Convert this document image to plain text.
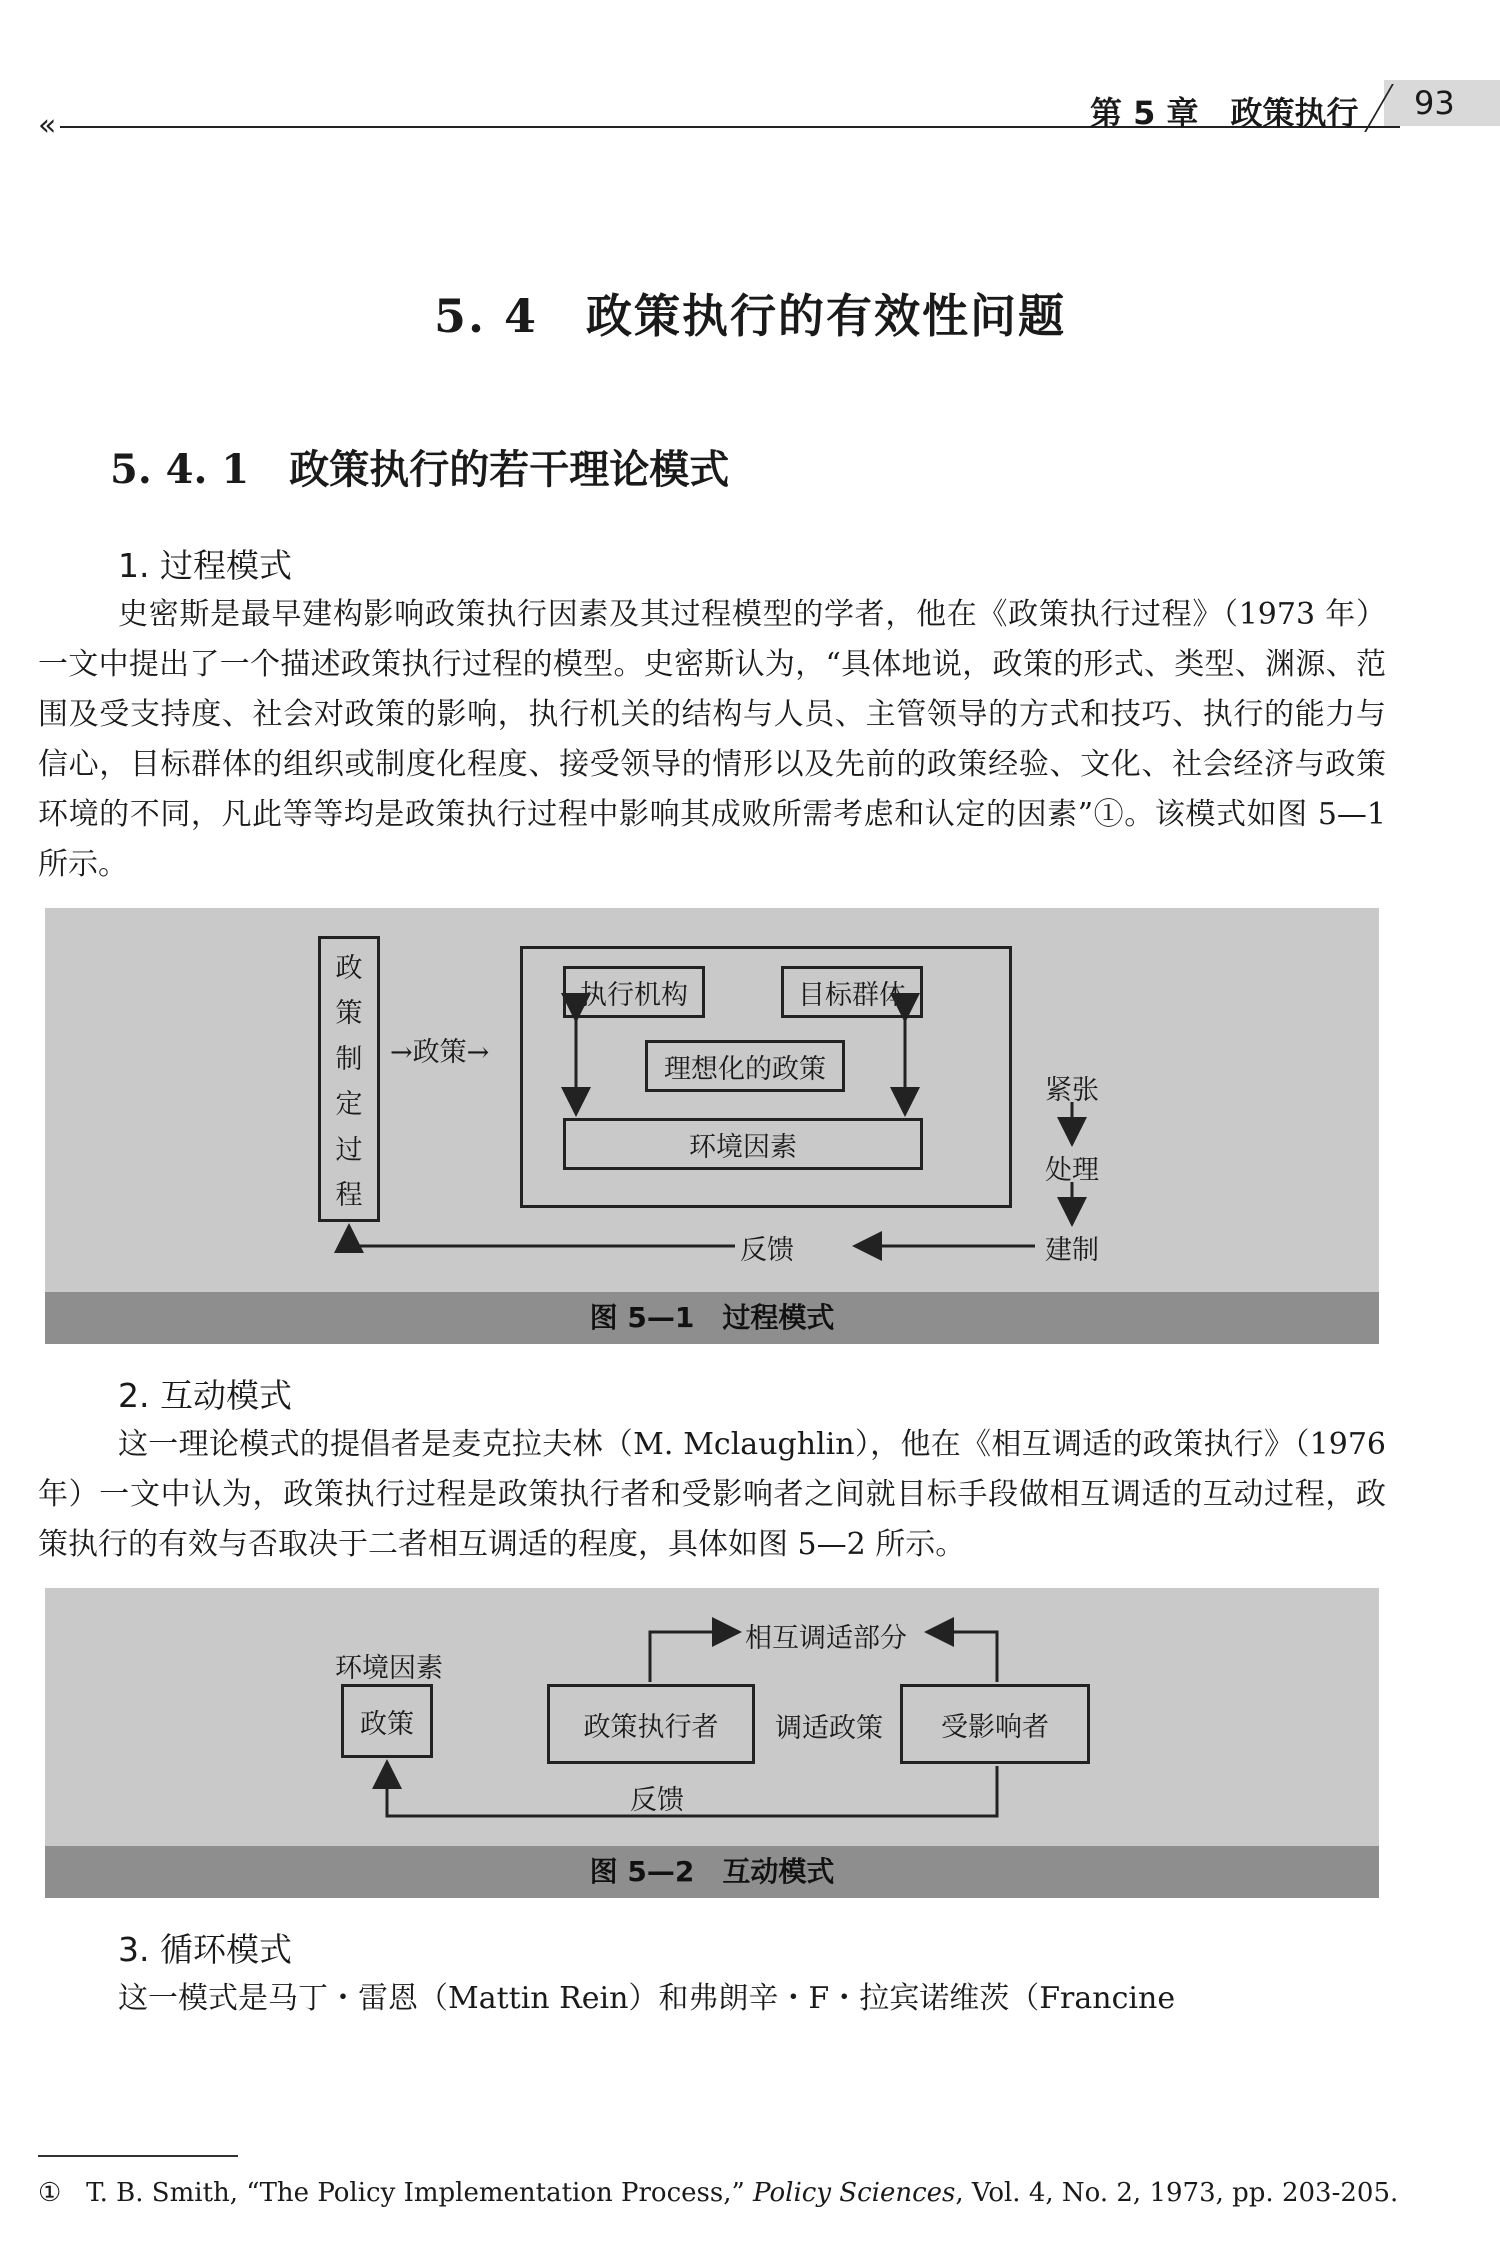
«	第 5 章　政策执行 93
5. 4　政策执行的有效性问题
5. 4. 1　政策执行的若干理论模式
1. 过程模式
史密斯是最早建构影响政策执行因素及其过程模型的学者，他在《政策执行过程》（1973 年）一文中提出了一个描述政策执行过程的模型。史密斯认为，“具体地说，政策的形式、类型、渊源、范围及受支持度、社会对政策的影响，执行机关的结构与人员、主管领导的方式和技巧、执行的能力与信心，目标群体的组织或制度化程度、接受领导的情形以及先前的政策经验、文化、社会经济与政策环境的不同，凡此等等均是政策执行过程中影响其成败所需考虑和认定的因素”①。该模式如图 5—1 所示。
政
策
制
定
过
程
→政策→
执行机构	目标群体
理想化的政策
环境因素
紧张
处理
建制
反馈
图 5—1　过程模式
2. 互动模式
这一理论模式的提倡者是麦克拉夫林（M. Mclaughlin），他在《相互调适的政策执行》（1976 年）一文中认为，政策执行过程是政策执行者和受影响者之间就目标手段做相互调适的互动过程，政策执行的有效与否取决于二者相互调适的程度，具体如图 5—2 所示。
环境因素
政策	政策执行者	调适政策	受影响者
相互调适部分
反馈
图 5—2　互动模式
3. 循环模式
这一模式是马丁・雷恩（Mattin Rein）和弗朗辛・F・拉宾诺维茨（Francine
① T. B. Smith, “The Policy Implementation Process,” Policy Sciences, Vol. 4, No. 2, 1973, pp. 203-205.
